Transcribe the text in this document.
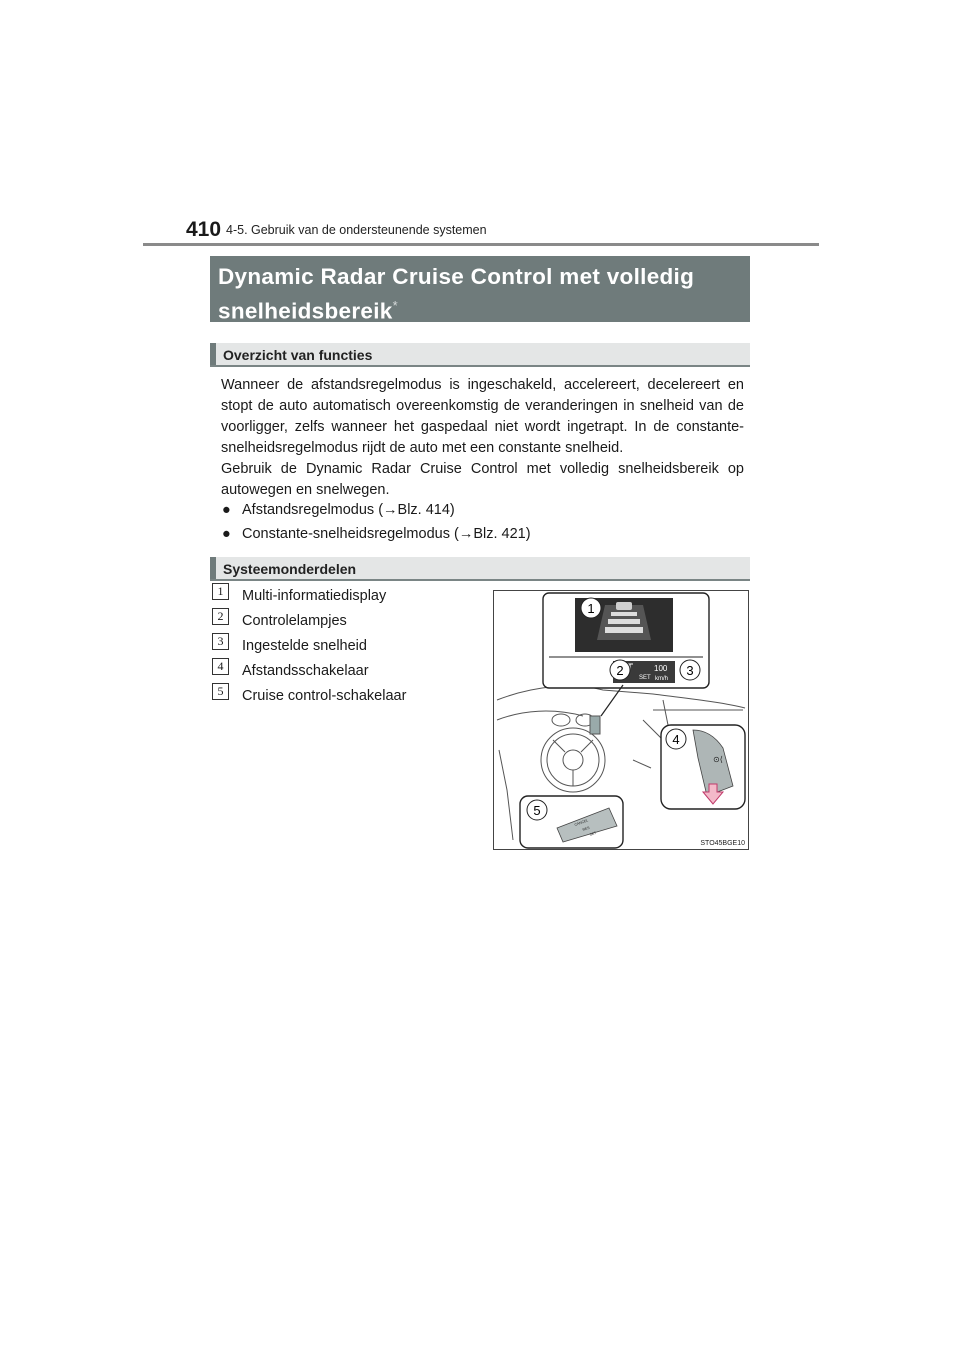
410 4-5. Gebruik van de ondersteunende systemen
Dynamic Radar Cruise Control met volledig snelheidsbereik*
Overzicht van functies

Wanneer de afstandsregelmodus is ingeschakeld, accelereert, decelereert en stopt de auto automatisch overeenkomstig de veranderingen in snelheid van de voorligger, zelfs wanneer het gaspedaal niet wordt ingetrapt. In de constante-snelheidsregelmodus rijdt de auto met een constante snelheid.

Gebruik de Dynamic Radar Cruise Control met volledig snelheidsbereik op autowegen en snelwegen.

● Afstandsregelmodus (→Blz. 414)
● Constante-snelheidsregelmodus (→Blz. 421)
Systeemonderdelen
1	Multi-informatiedisplay
2	Controlelampjes
3	Ingestelde snelheid
4	Afstandsschakelaar
5	Cruise control-schakelaar
100
SET km/h
1
2	3
⊙⟨
4
CANCEL
RES
SET
5
STO45BGE10
